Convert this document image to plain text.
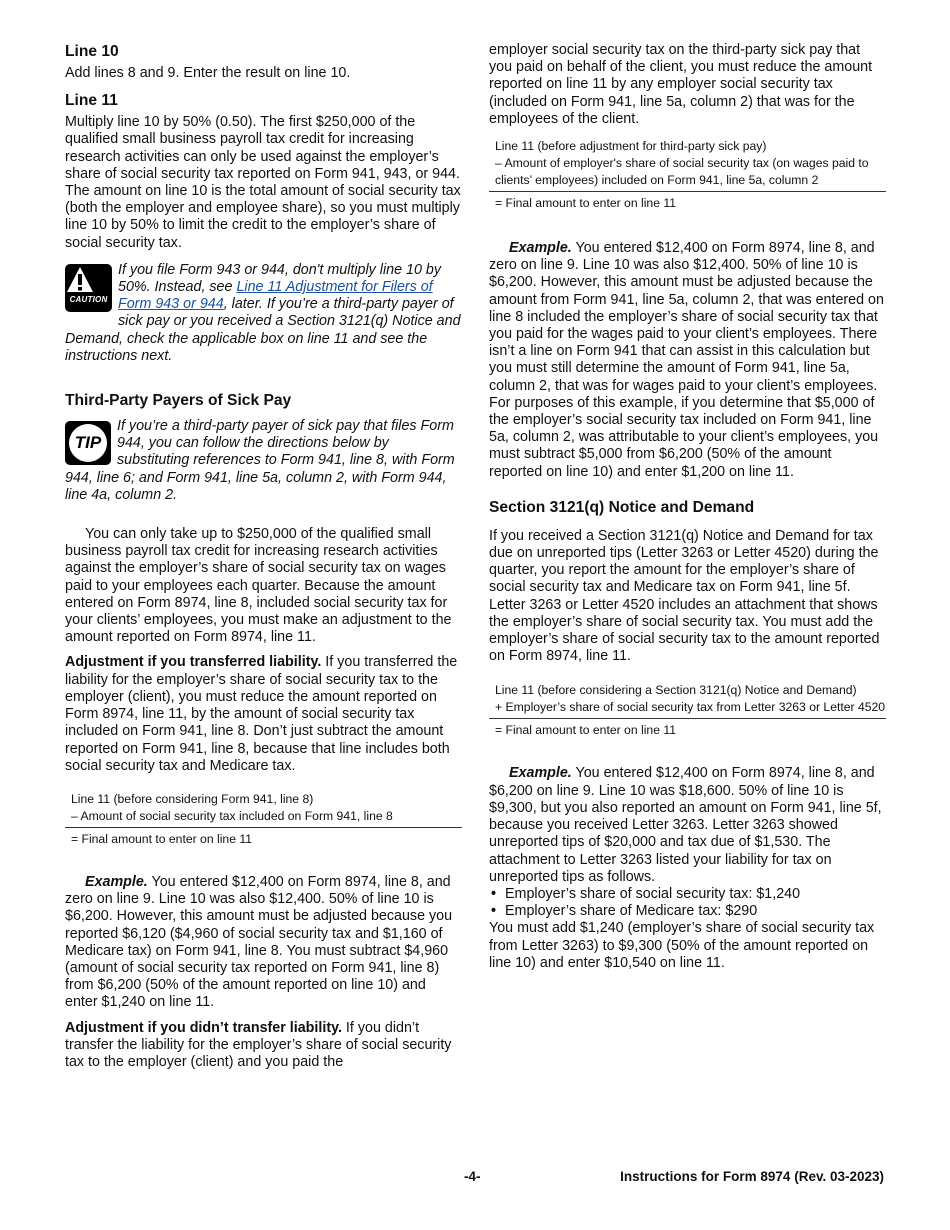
Line 10

Add lines 8 and 9. Enter the result on line 10.

Line 11

Multiply line 10 by 50% (0.50). The first $250,000 of the qualified small business payroll tax credit for increasing research activities can only be used against the employer’s share of social security tax reported on Form 941, 943, or 944. The amount on line 10 is the total amount of social security tax (both the employer and employee share), so you must multiply line 10 by 50% to limit the credit to the employer’s share of social security tax.

CAUTION
If you file Form 943 or 944, don't multiply line 10 by 50%. Instead, see Line 11 Adjustment for Filers of Form 943 or 944, later. If you’re a third-party payer of sick pay or you received a Section 3121(q) Notice and Demand, check the applicable box on line 11 and see the instructions next.
Third-Party Payers of Sick Pay
TIP
If you’re a third-party payer of sick pay that files Form 944, you can follow the directions below by substituting references to Form 941, line 8, with Form 944, line 6; and Form 941, line 5a, column 2, with Form 944, line 4a, column 2.

You can only take up to $250,000 of the qualified small business payroll tax credit for increasing research activities against the employer’s share of social security tax on wages paid to your employees each quarter. Because the amount entered on Form 8974, line 8, included social security tax for your clients’ employees, you must make an adjustment to the amount reported on Form 8974, line 11.

Adjustment if you transferred liability. If you transferred the liability for the employer’s share of social security tax to the employer (client), you must reduce the amount reported on Form 8974, line 11, by the amount of social security tax included on Form 941, line 8. Don’t just subtract the amount reported on Form 941, line 8, because that line includes both social security tax and Medicare tax.

Line 11 (before considering Form 941, line 8)
– Amount of social security tax included on Form 941, line 8
= Final amount to enter on line 11

Example. You entered $12,400 on Form 8974, line 8, and zero on line 9. Line 10 was also $12,400. 50% of line 10 is $6,200. However, this amount must be adjusted because you reported $6,120 ($4,960 of social security tax and $1,160 of Medicare tax) on Form 941, line 8. You must subtract $4,960 (amount of social security tax reported on Form 941, line 8) from $6,200 (50% of the amount reported on line 10) and enter $1,240 on line 11.

Adjustment if you didn’t transfer liability. If you didn’t transfer the liability for the employer’s share of social security tax to the employer (client) and you paid the

employer social security tax on the third-party sick pay that you paid on behalf of the client, you must reduce the amount reported on line 11 by any employer social security tax (included on Form 941, line 5a, column 2) that was for the employees of the client.

Line 11 (before adjustment for third-party sick pay)
– Amount of employer's share of social security tax (on wages paid to clients’ employees) included on Form 941, line 5a, column 2
= Final amount to enter on line 11

Example. You entered $12,400 on Form 8974, line 8, and zero on line 9. Line 10 was also $12,400. 50% of line 10 is $6,200. However, this amount must be adjusted because the amount from Form 941, line 5a, column 2, that was entered on line 8 included the employer’s share of social security tax that you paid for the wages paid to your client’s employees. There isn’t a line on Form 941 that can assist in this calculation but you must still determine the amount of Form 941, line 5a, column 2, that was for wages paid to your client’s employees. For purposes of this example, if you determine that $5,000 of the employer’s social security tax included on Form 941, line 5a, column 2, was attributable to your client’s employees, you must subtract $5,000 from $6,200 (50% of the amount reported on line 10) and enter $1,200 on line 11.

Section 3121(q) Notice and Demand

If you received a Section 3121(q) Notice and Demand for tax due on unreported tips (Letter 3263 or Letter 4520) during the quarter, you report the amount for the employer’s share of social security tax and Medicare tax on Form 941, line 5f. Letter 3263 or Letter 4520 includes an attachment that shows the employer’s share of social security tax. You must add the employer’s share of social security tax to the amount reported on Form 8974, line 11.

Line 11 (before considering a Section 3121(q) Notice and Demand)
+ Employer’s share of social security tax from Letter 3263 or Letter 4520
= Final amount to enter on line 11

Example. You entered $12,400 on Form 8974, line 8, and $6,200 on line 9. Line 10 was $18,600. 50% of line 10 is $9,300, but you also reported an amount on Form 941, line 5f, because you received Letter 3263. Letter 3263 showed unreported tips of $20,000 and tax due of $1,530. The attachment to Letter 3263 listed your liability for tax on unreported tips as follows.

• Employer’s share of social security tax: $1,240
• Employer’s share of Medicare tax: $290

You must add $1,240 (employer’s share of social security tax from Letter 3263) to $9,300 (50% of the amount reported on line 10) and enter $10,540 on line 11.

-4-	Instructions for Form 8974 (Rev. 03-2023)
